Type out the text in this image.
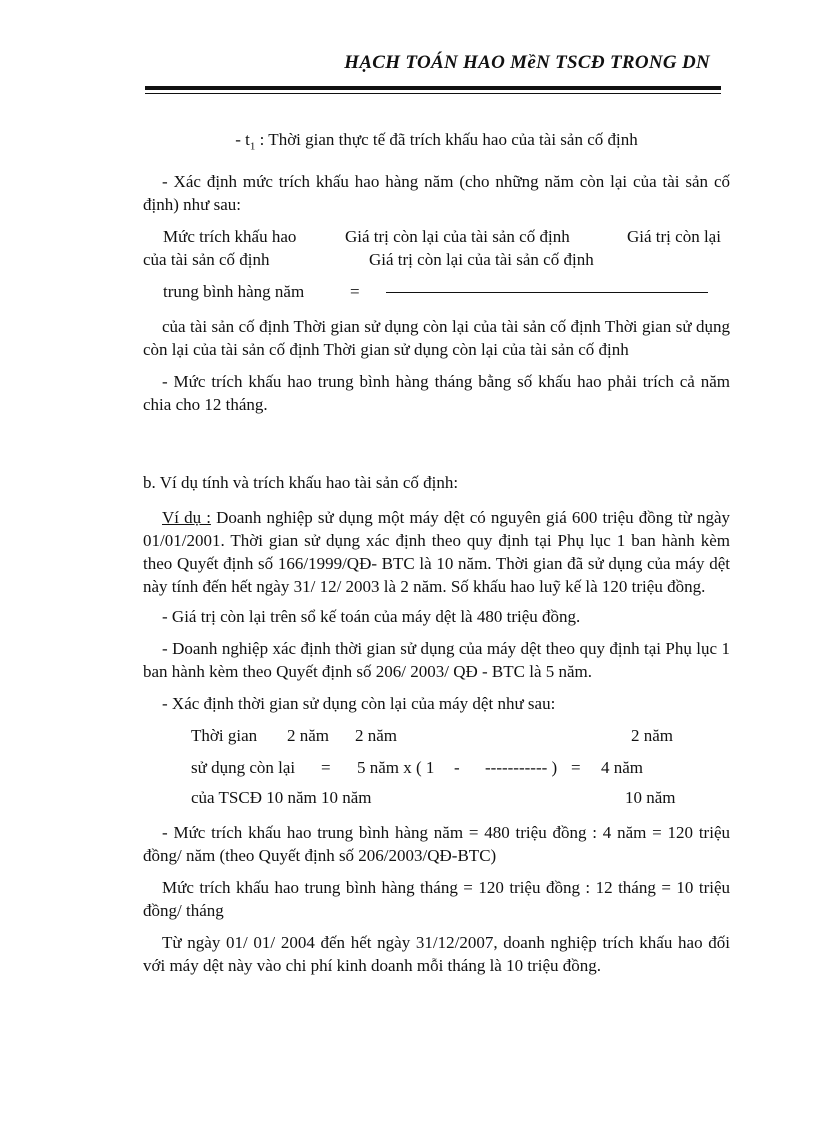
HẠCH TOÁN HAO MềN TSCĐ TRONG DN

- $t_1$ : Thời gian thực tế đã trích khấu hao của tài sản cố định

- Xác định mức trích khấu hao hàng năm (cho những năm còn lại của tài sản cố định) như sau:

Mức trích khấu hao	Giá trị còn lại của tài sản cố định	Giá trị còn lại
của tài sản cố định	Giá trị còn lại của tài sản cố định
trung bình hàng năm	=

của tài sản cố định Thời gian sử dụng còn lại của tài sản cố định Thời gian sử dụng còn lại của tài sản cố định Thời gian sử dụng còn lại của tài sản cố định

- Mức trích khấu hao trung bình hàng tháng bằng số khấu hao phải trích cả năm chia cho 12 tháng.

b. Ví dụ tính và trích khấu hao tài sản cố định:

Ví dụ : Doanh nghiệp sử dụng một máy dệt có nguyên giá 600 triệu đồng từ ngày 01/01/2001. Thời gian sử dụng xác định theo quy định tại Phụ lục 1 ban hành kèm theo Quyết định số 166/1999/QĐ- BTC là 10 năm. Thời gian đã sử dụng của máy dệt này tính đến hết ngày 31/ 12/ 2003 là 2 năm. Số khấu hao luỹ kế là 120 triệu đồng.

- Giá trị còn lại trên sổ kế toán của máy dệt là 480 triệu đồng.

- Doanh nghiệp xác định thời gian sử dụng của máy dệt theo quy định tại Phụ lục 1 ban hành kèm theo Quyết định số 206/ 2003/ QĐ - BTC là 5 năm.

- Xác định thời gian sử dụng còn lại của máy dệt như sau:

Thời gian 2 năm 2 năm	2 năm
sử dụng còn lại = 5 năm x ( 1 - ----------- ) = 4 năm
của TSCĐ 10 năm 10 năm	10 năm

- Mức trích khấu hao trung bình hàng năm = 480 triệu đồng : 4 năm = 120 triệu đồng/ năm (theo Quyết định số 206/2003/QĐ-BTC)

Mức trích khấu hao trung bình hàng tháng = 120 triệu đồng : 12 tháng = 10 triệu đồng/ tháng

Từ ngày 01/ 01/ 2004 đến hết ngày 31/12/2007, doanh nghiệp trích khấu hao đối với máy dệt này vào chi phí kinh doanh mỗi tháng là 10 triệu đồng.
